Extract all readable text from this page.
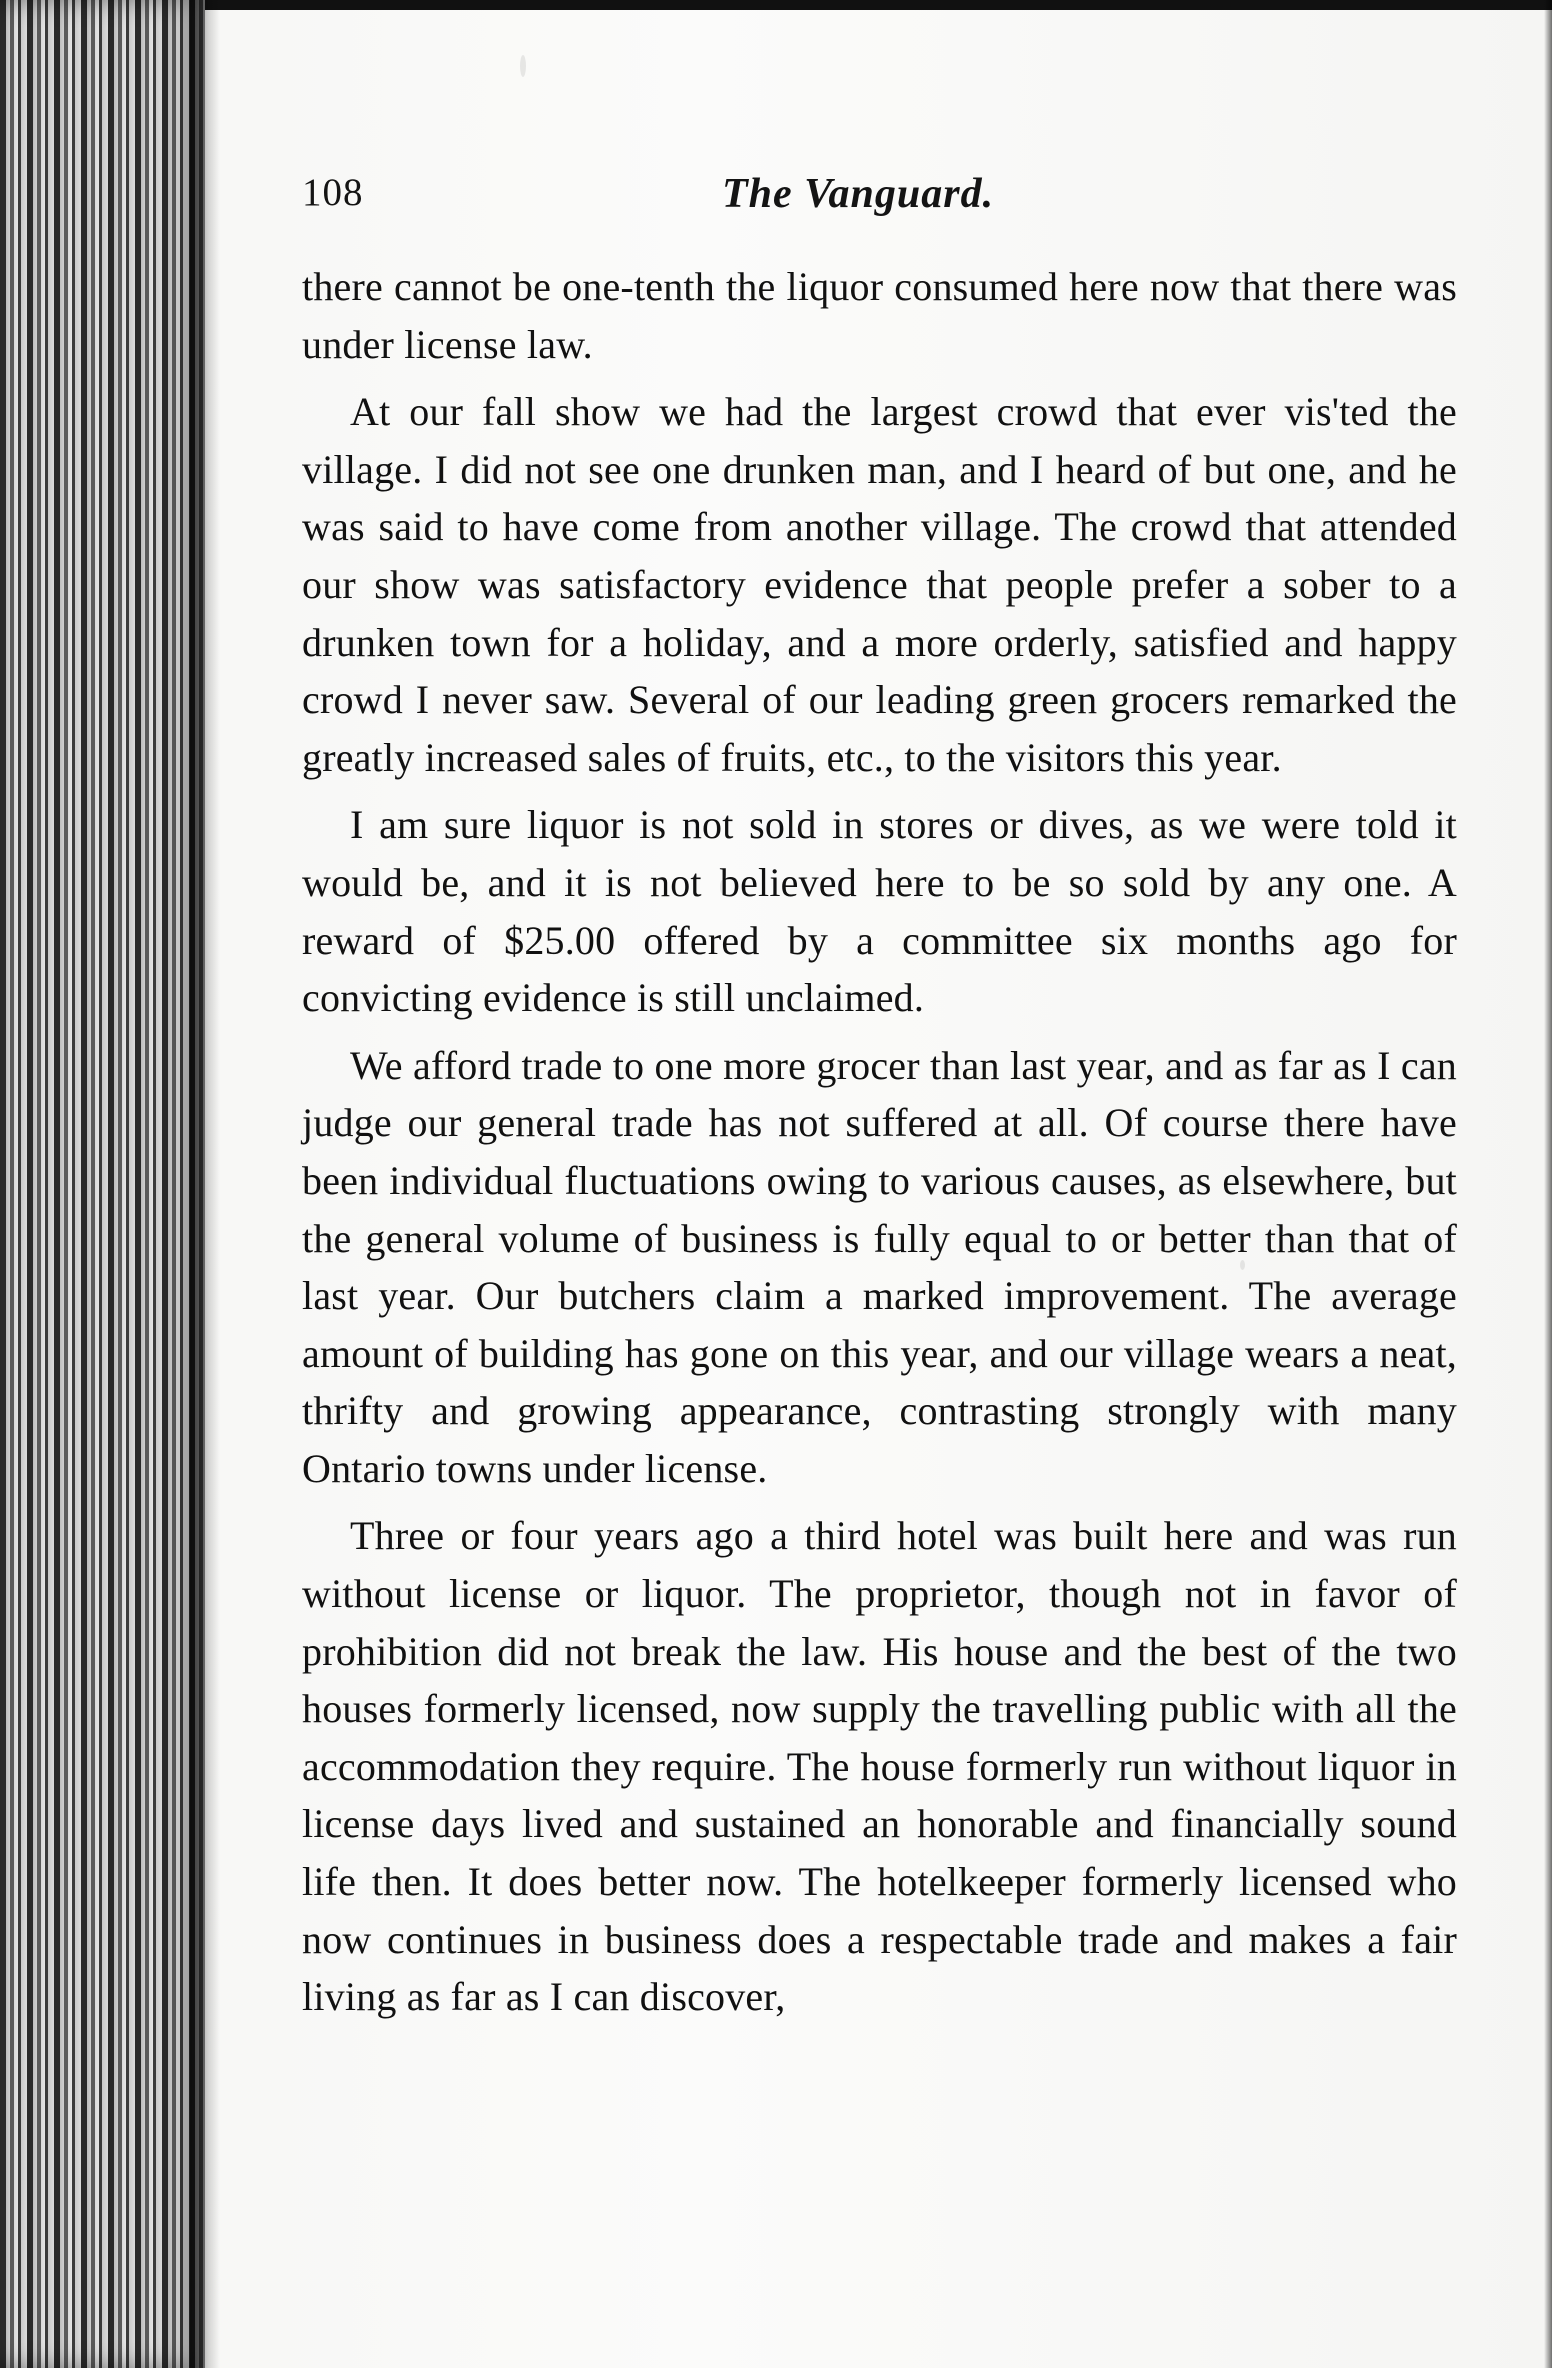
108	The Vanguard.

there cannot be one-tenth the liquor consumed here now that there was under license law.

At our fall show we had the largest crowd that ever vis'ted the village. I did not see one drunken man, and I heard of but one, and he was said to have come from another village. The crowd that attended our show was satisfactory evidence that people prefer a sober to a drunken town for a holiday, and a more orderly, satisfied and happy crowd I never saw. Several of our leading green grocers remarked the greatly increased sales of fruits, etc., to the visitors this year.

I am sure liquor is not sold in stores or dives, as we were told it would be, and it is not believed here to be so sold by any one. A reward of $25.00 offered by a committee six months ago for convicting evidence is still unclaimed.

We afford trade to one more grocer than last year, and as far as I can judge our general trade has not suffered at all. Of course there have been individual fluctuations owing to various causes, as elsewhere, but the general volume of business is fully equal to or better than that of last year. Our butchers claim a marked improvement. The average amount of building has gone on this year, and our village wears a neat, thrifty and growing appearance, contrasting strongly with many Ontario towns under license.

Three or four years ago a third hotel was built here and was run without license or liquor. The proprietor, though not in favor of prohibition did not break the law. His house and the best of the two houses formerly licensed, now supply the travelling public with all the accommodation they require. The house formerly run without liquor in license days lived and sustained an honorable and financially sound life then. It does better now. The hotelkeeper formerly licensed who now continues in business does a respectable trade and makes a fair living as far as I can discover,
